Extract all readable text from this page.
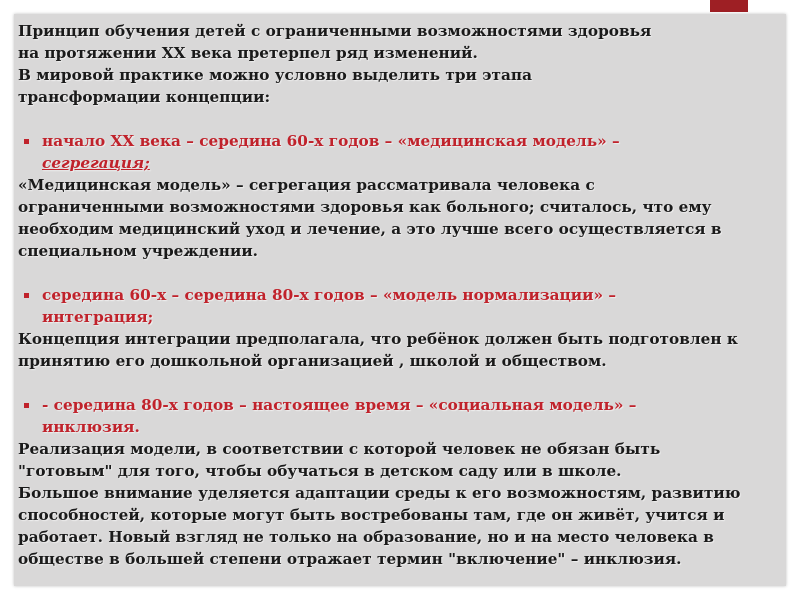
Принцип обучения детей с ограниченными возможностями здоровья

на протяжении XX века претерпел ряд изменений.

В мировой практике можно условно выделить три этапа

трансформации концепции:

начало XX века – середина 60-х годов – «медицинская модель» –
сегрегация;

«Медицинская модель» – сегрегация рассматривала человека с

ограниченными возможностями здоровья как больного; считалось, что ему

необходим медицинский уход и лечение, а это лучше всего осуществляется в

специальном учреждении.

середина 60-х – середина 80-х годов – «модель нормализации» –
интеграция;

Концепция интеграции предполагала, что ребёнок должен быть подготовлен к

принятию его дошкольной организацией , школой и обществом.

- середина 80-х годов – настоящее время – «социальная модель» –
инклюзия.

Реализация модели, в соответствии с которой человек не обязан быть

"готовым" для того, чтобы обучаться в детском саду или в школе.

Большое внимание уделяется адаптации среды к его возможностям, развитию

способностей, которые могут быть востребованы там, где он живёт, учится и

работает. Новый взгляд не только на образование, но и на место человека в

обществе в большей степени отражает термин "включение" – инклюзия.
